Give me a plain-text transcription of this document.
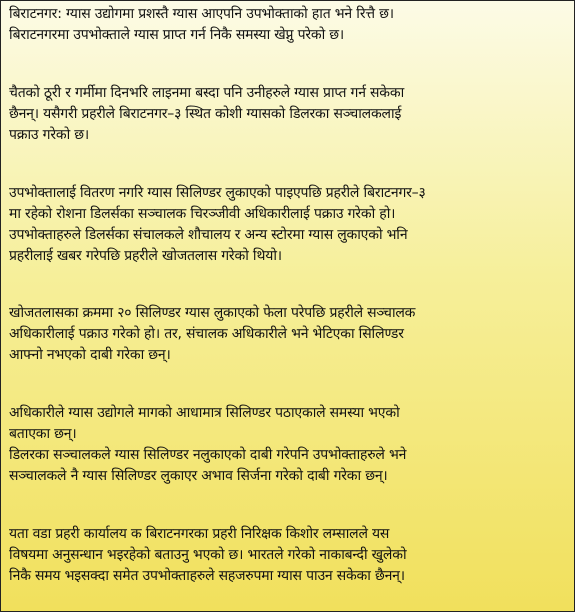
बिराटनगर: ग्यास उद्योगमा प्रशस्तै ग्यास आएपनि उपभोक्ताको हात भने रित्तै छ।
बिराटनगरमा उपभोक्ताले ग्यास प्राप्त गर्न निकै समस्या खेप्नु परेको छ।

चैतको ठूरी र गर्मीमा दिनभरि लाइनमा बस्दा पनि उनीहरुले ग्यास प्राप्त गर्न सकेका
छैनन्। यसैगरी प्रहरीले बिराटनगर–३ स्थित कोशी ग्यासको डिलरका सञ्चालकलाई
पक्राउ गरेको छ।

उपभोक्तालाई वितरण नगरि ग्यास सिलिण्डर लुकाएको पाइएपछि प्रहरीले बिराटनगर–३
मा रहेको रोशना डिलर्सका सञ्चालक चिरञ्जीवी अधिकारीलाई पक्राउ गरेको हो।
उपभोक्ताहरुले डिलर्सका संचालकले शौचालय र अन्य स्टोरमा ग्यास लुकाएको भनि
प्रहरीलाई खबर गरेपछि प्रहरीले खोजतलास गरेको थियो।

खोजतलासका क्रममा २० सिलिण्डर ग्यास लुकाएको फेला परेपछि प्रहरीले सञ्चालक
अधिकारीलाई पक्राउ गरेको हो। तर, संचालक अधिकारीले भने भेटिएका सिलिण्डर
आफ्नो नभएको दाबी गरेका छन्।

अधिकारीले ग्यास उद्योगले मागको आधामात्र सिलिण्डर पठाएकाले समस्या भएको
बताएका छन्।
डिलरका सञ्चालकले ग्यास सिलिण्डर नलुकाएको दाबी गरेपनि उपभोक्ताहरुले भने
सञ्चालकले नै ग्यास सिलिण्डर लुकाएर अभाव सिर्जना गरेको दाबी गरेका छन्।

यता वडा प्रहरी कार्यालय क बिराटनगरका प्रहरी निरिक्षक किशोर लम्सालले यस
विषयमा अनुसन्धान भइरहेको बताउनु भएको छ। भारतले गरेको नाकाबन्दी खुलेको
निकै समय भइसक्दा समेत उपभोक्ताहरुले सहजरुपमा ग्यास पाउन सकेका छैनन्।
